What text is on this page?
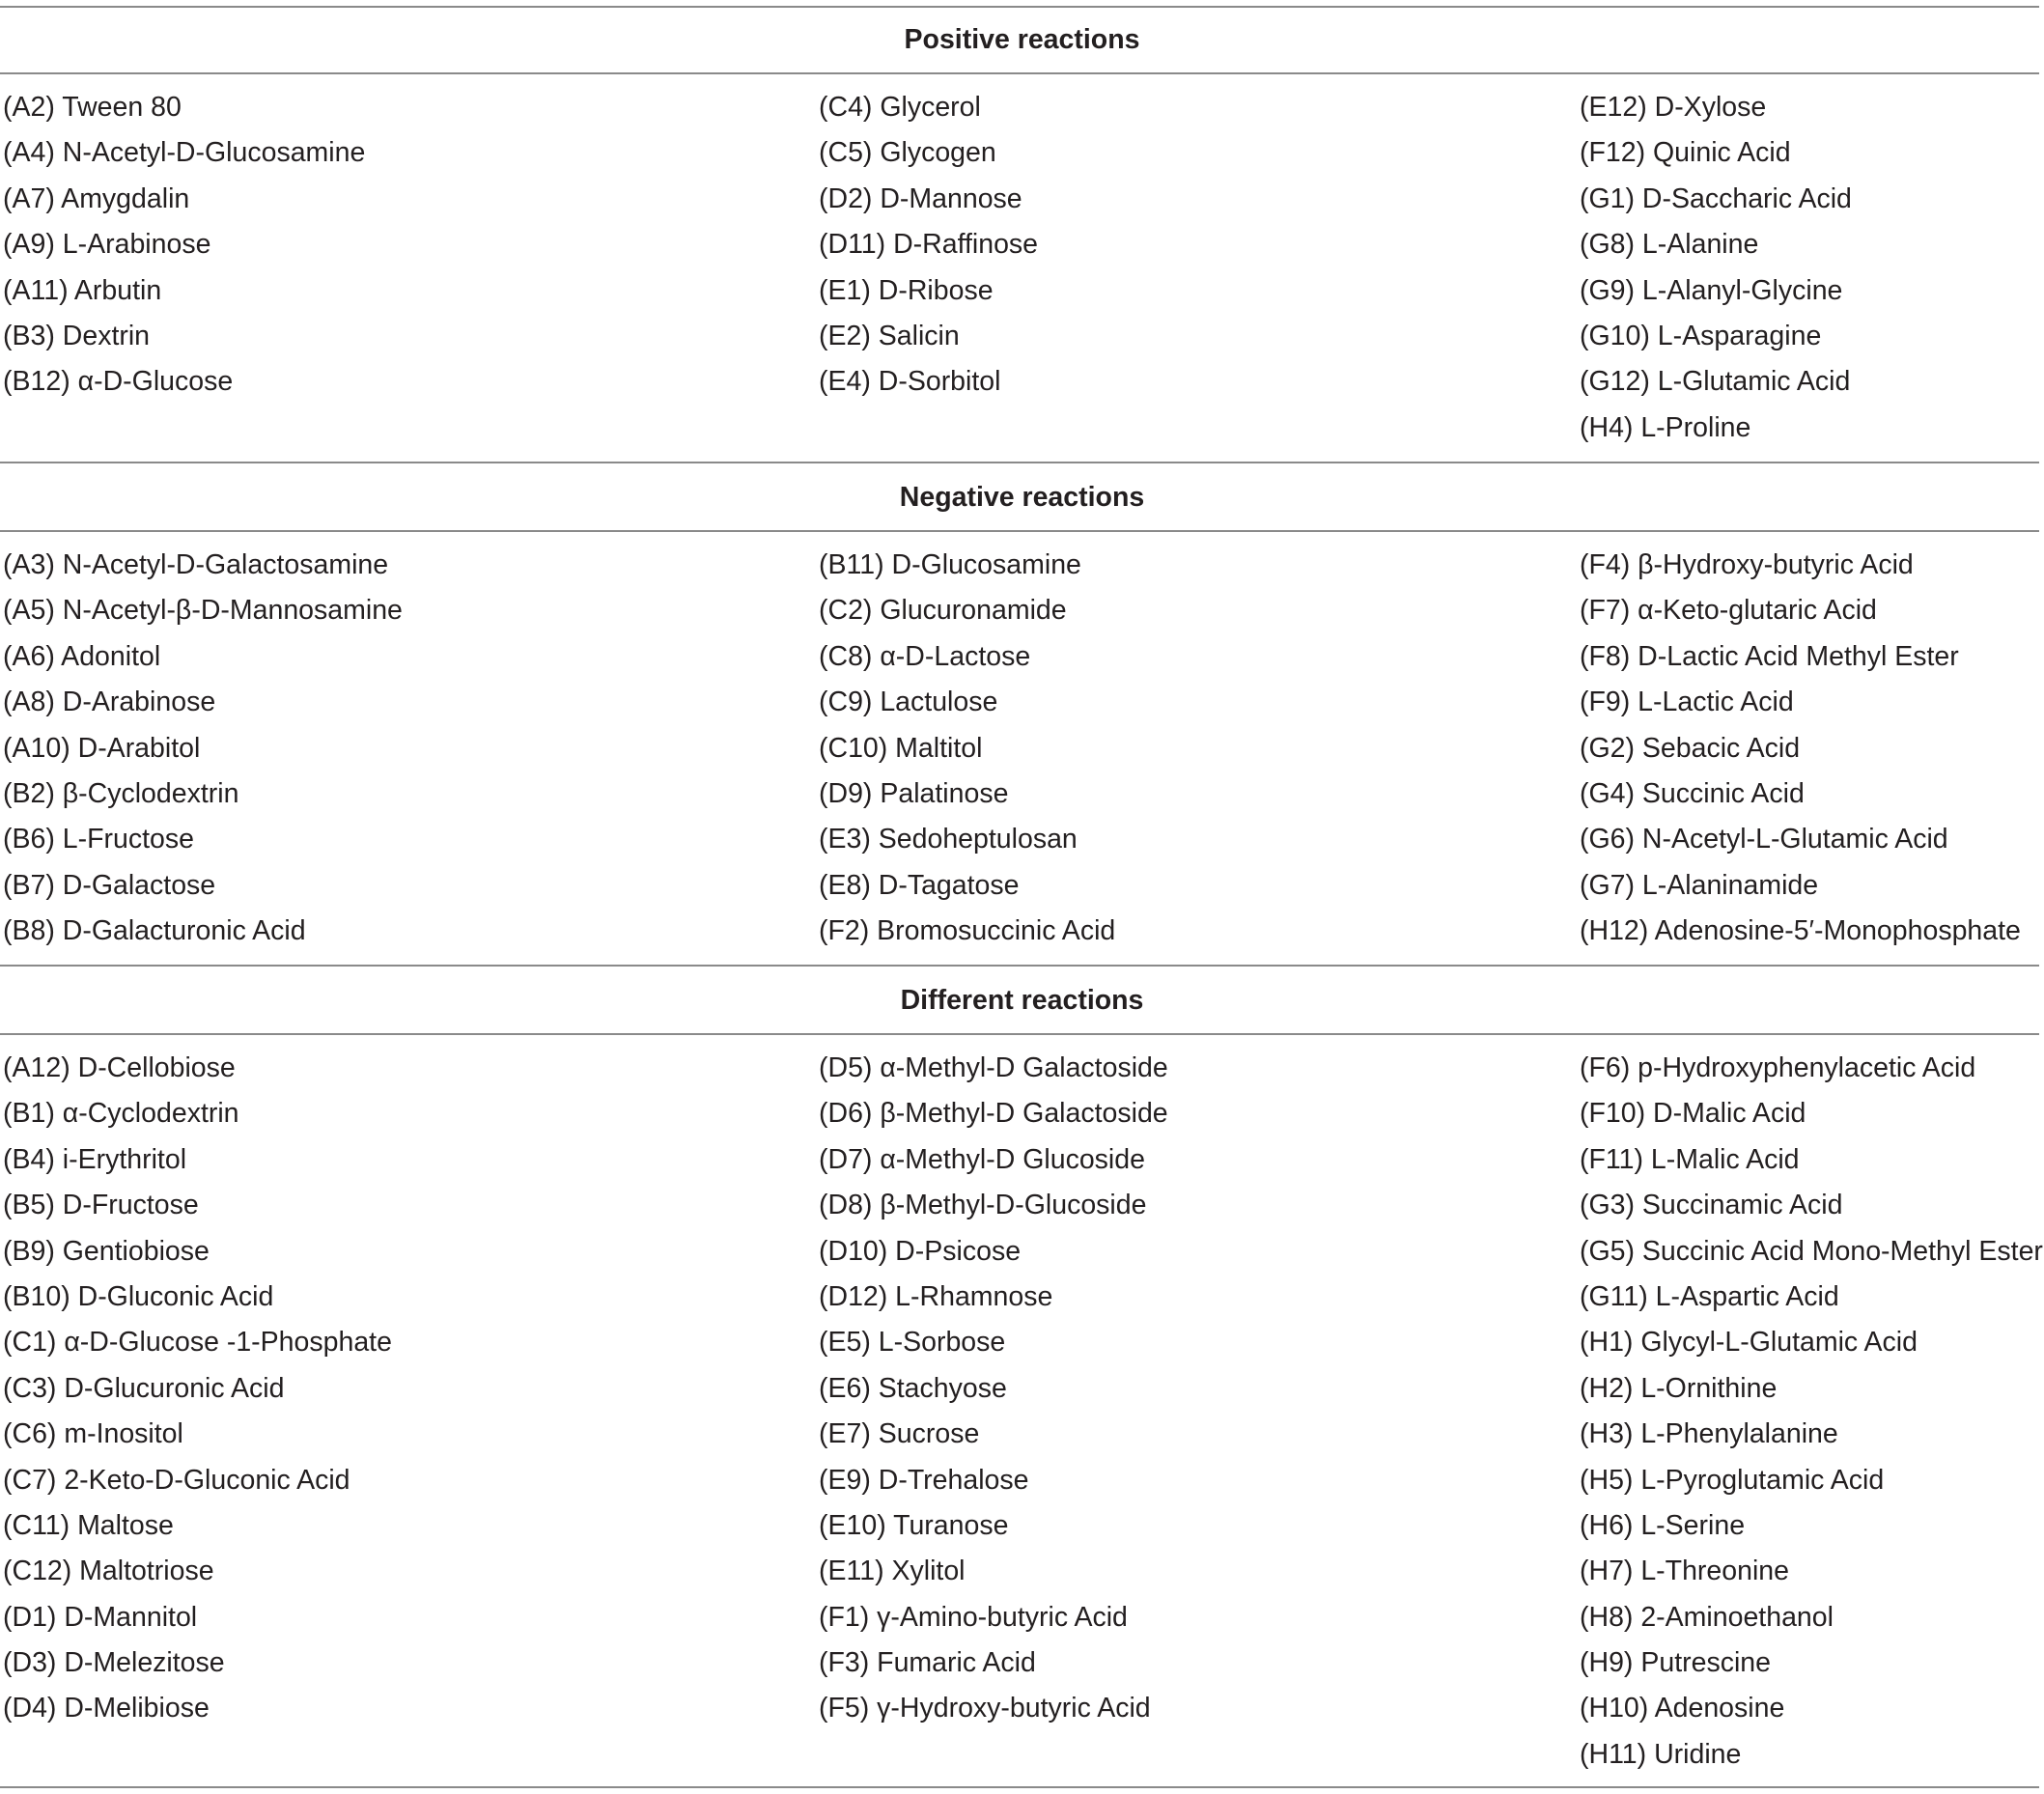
Positive reactions
(A2) Tween 80
(A4) N-Acetyl-D-Glucosamine
(A7) Amygdalin
(A9) L-Arabinose
(A11) Arbutin
(B3) Dextrin
(B12) α-D-Glucose
(C4) Glycerol
(C5) Glycogen
(D2) D-Mannose
(D11) D-Raffinose
(E1) D-Ribose
(E2) Salicin
(E4) D-Sorbitol
(E12) D-Xylose
(F12) Quinic Acid
(G1) D-Saccharic Acid
(G8) L-Alanine
(G9) L-Alanyl-Glycine
(G10) L-Asparagine
(G12) L-Glutamic Acid
(H4) L-Proline
Negative reactions
(A3) N-Acetyl-D-Galactosamine
(A5) N-Acetyl-β-D-Mannosamine
(A6) Adonitol
(A8) D-Arabinose
(A10) D-Arabitol
(B2) β-Cyclodextrin
(B6) L-Fructose
(B7) D-Galactose
(B8) D-Galacturonic Acid
(B11) D-Glucosamine
(C2) Glucuronamide
(C8) α-D-Lactose
(C9) Lactulose
(C10) Maltitol
(D9) Palatinose
(E3) Sedoheptulosan
(E8) D-Tagatose
(F2) Bromosuccinic Acid
(F4) β-Hydroxy-butyric Acid
(F7) α-Keto-glutaric Acid
(F8) D-Lactic Acid Methyl Ester
(F9) L-Lactic Acid
(G2) Sebacic Acid
(G4) Succinic Acid
(G6) N-Acetyl-L-Glutamic Acid
(G7) L-Alaninamide
(H12) Adenosine-5′-Monophosphate
Different reactions
(A12) D-Cellobiose
(B1) α-Cyclodextrin
(B4) i-Erythritol
(B5) D-Fructose
(B9) Gentiobiose
(B10) D-Gluconic Acid
(C1) α-D-Glucose -1-Phosphate
(C3) D-Glucuronic Acid
(C6) m-Inositol
(C7) 2-Keto-D-Gluconic Acid
(C11) Maltose
(C12) Maltotriose
(D1) D-Mannitol
(D3) D-Melezitose
(D4) D-Melibiose
(D5) α-Methyl-D Galactoside
(D6) β-Methyl-D Galactoside
(D7) α-Methyl-D Glucoside
(D8) β-Methyl-D-Glucoside
(D10) D-Psicose
(D12) L-Rhamnose
(E5) L-Sorbose
(E6) Stachyose
(E7) Sucrose
(E9) D-Trehalose
(E10) Turanose
(E11) Xylitol
(F1) γ-Amino-butyric Acid
(F3) Fumaric Acid
(F5) γ-Hydroxy-butyric Acid
(F6) p-Hydroxyphenylacetic Acid
(F10) D-Malic Acid
(F11) L-Malic Acid
(G3) Succinamic Acid
(G5) Succinic Acid Mono-Methyl Ester
(G11) L-Aspartic Acid
(H1) Glycyl-L-Glutamic Acid
(H2) L-Ornithine
(H3) L-Phenylalanine
(H5) L-Pyroglutamic Acid
(H6) L-Serine
(H7) L-Threonine
(H8) 2-Aminoethanol
(H9) Putrescine
(H10) Adenosine
(H11) Uridine
